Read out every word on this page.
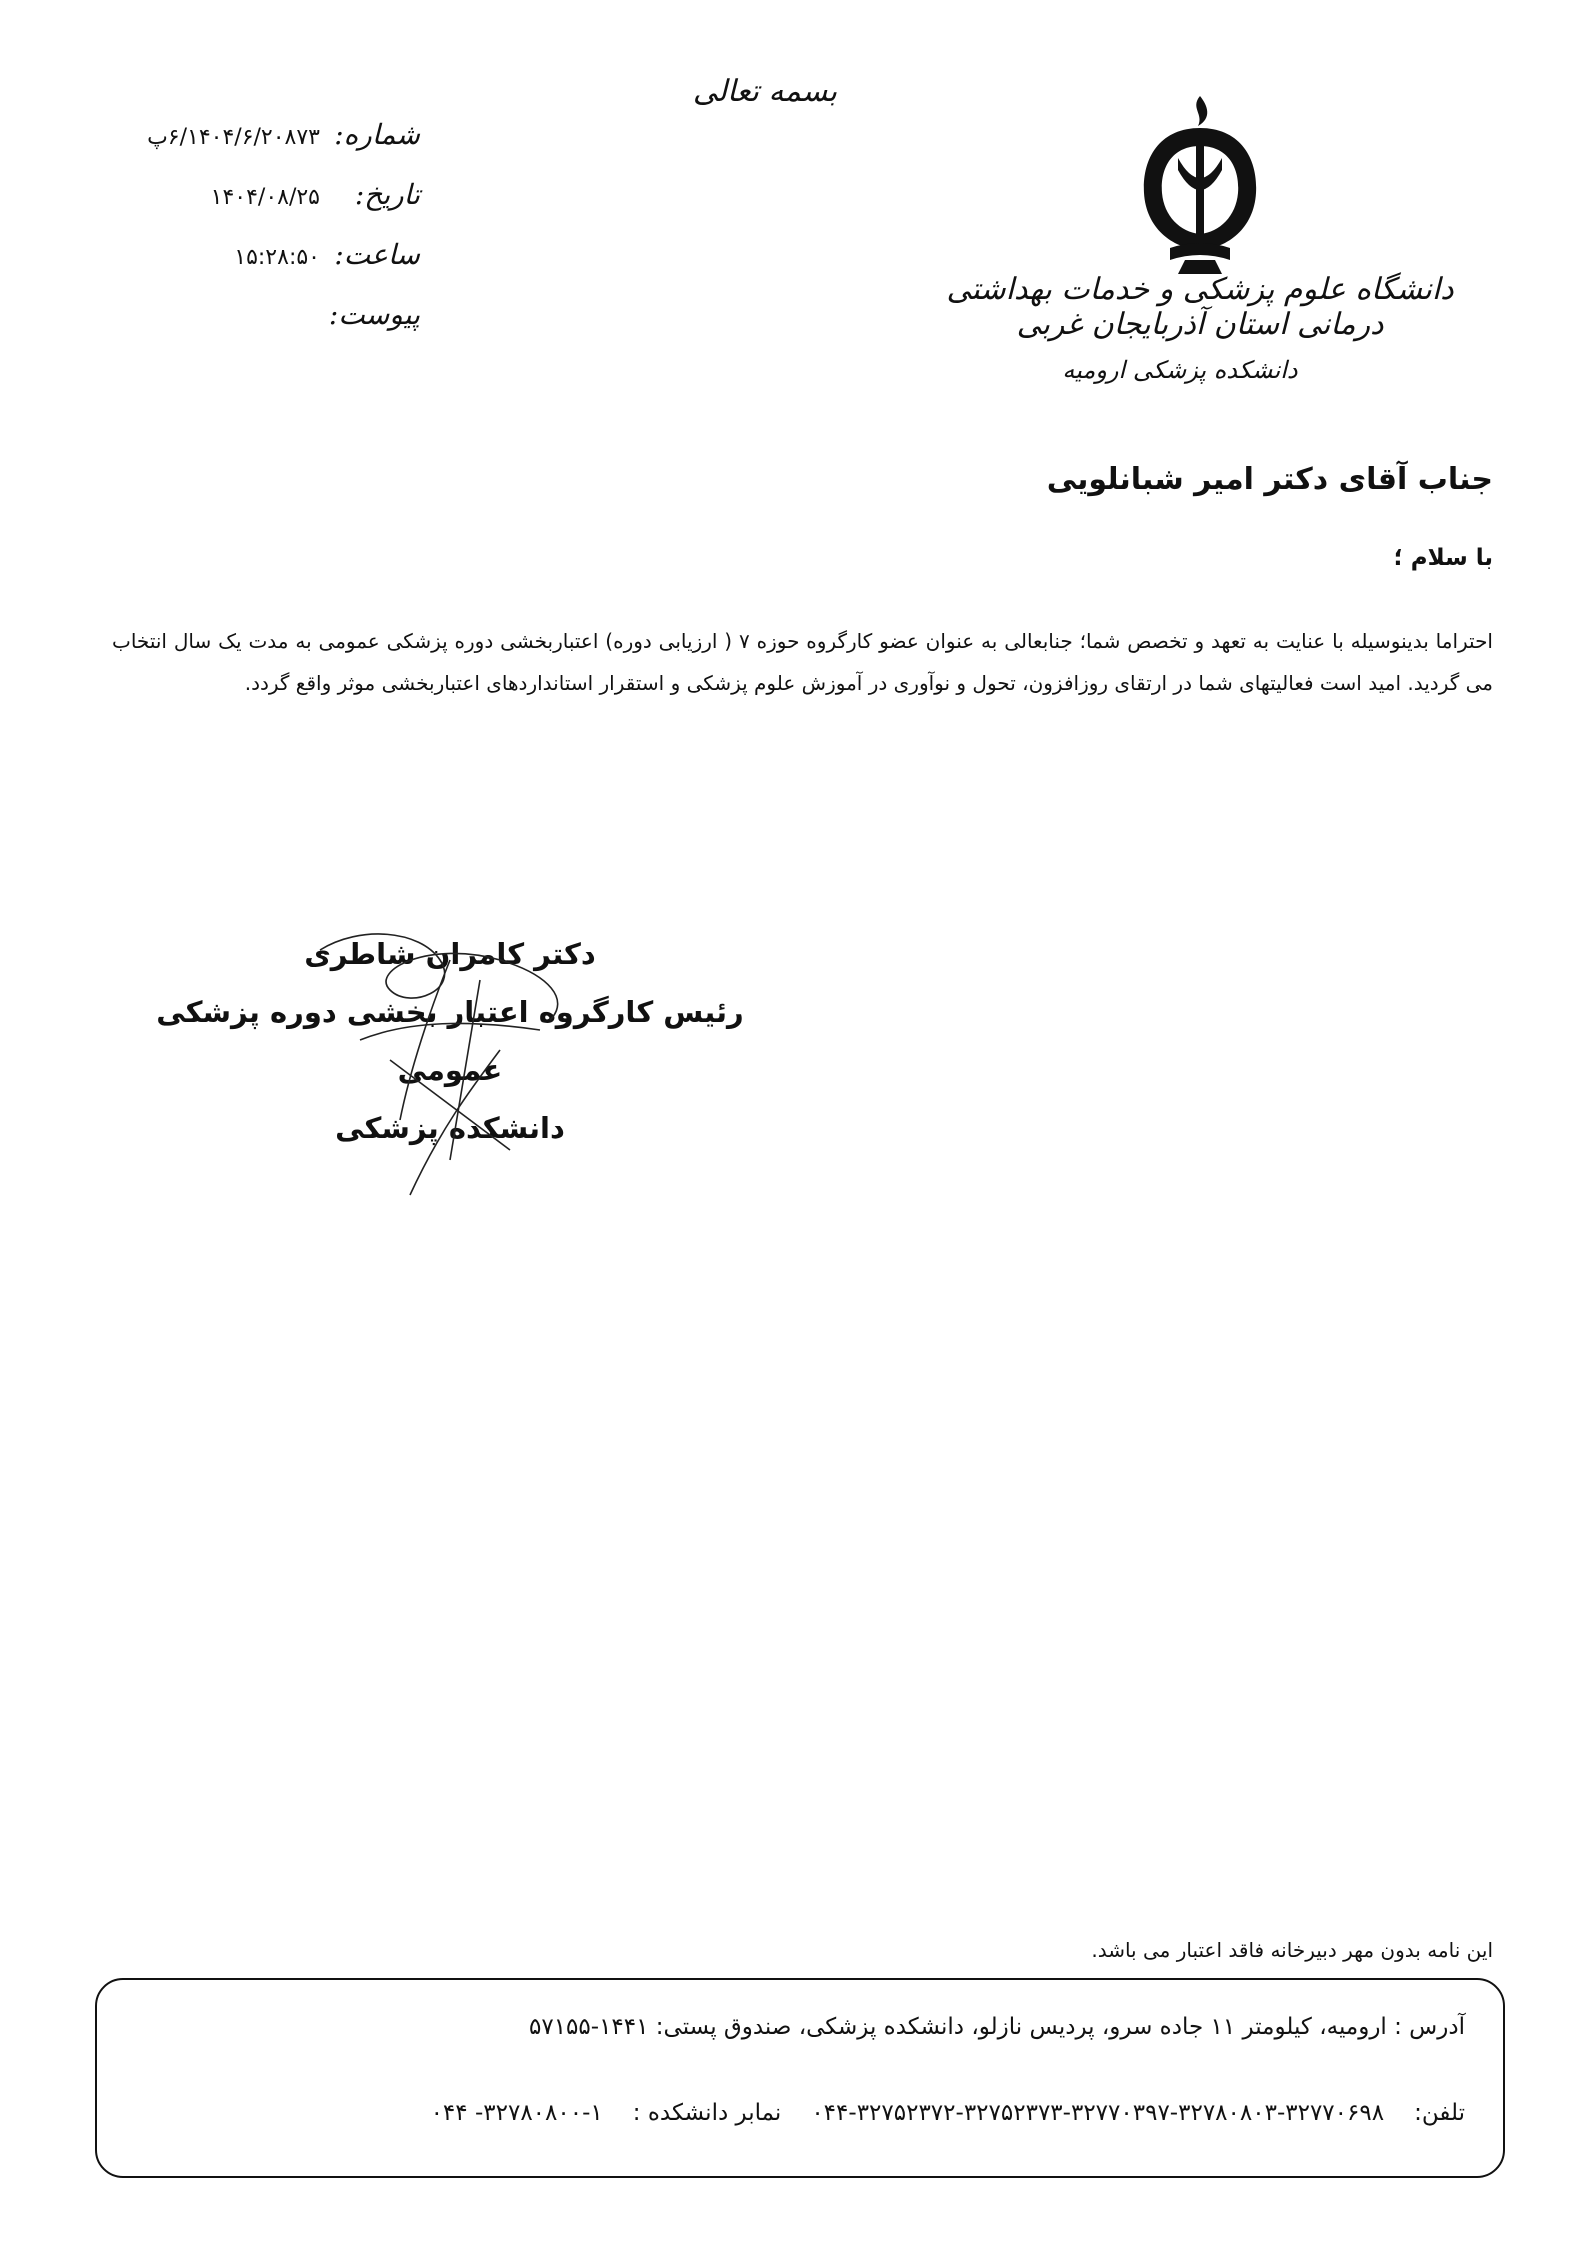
بسمه تعالی
دانشگاه علوم پزشکی و خدمات بهداشتی درمانی استان آذربایجان غربی
دانشکده پزشکی ارومیه
شماره:
۶/۱۴۰۴/۶/۲۰۸۷۳پ
تاریخ:
۱۴۰۴/۰۸/۲۵
ساعت:
۱۵:۲۸:۵۰
پیوست:
جناب آقای دکتر امیر شبانلویی
با سلام ؛
احتراما بدینوسیله با عنایت به تعهد و تخصص شما؛ جنابعالی به عنوان عضو کارگروه حوزه ۷ ( ارزیابی دوره) اعتباربخشی دوره پزشکی عمومی به مدت یک سال انتخاب می گردید. امید است فعالیتهای شما در ارتقای روزافزون، تحول و نوآوری در آموزش علوم پزشکی و استقرار استانداردهای اعتباربخشی موثر واقع گردد.
دکتر کامران شاطری
رئیس کارگروه اعتبار بخشی دوره پزشکی عمومی
دانشکده پزشکی
این نامه بدون مهر دبیرخانه فاقد اعتبار می باشد.
آدرس : ارومیه، کیلومتر ۱۱ جاده سرو، پردیس نازلو، دانشکده پزشکی، صندوق پستی: ۱۴۴۱-۵۷۱۵۵
تلفن:۳۲۷۷۰۶۹۸-۳۲۷۸۰۸۰۳-۳۲۷۷۰۳۹۷-۳۲۷۵۲۳۷۳-۳۲۷۵۲۳۷۲-۰۴۴نمابر دانشکده :۱-۳۲۷۸۰۸۰۰- ۰۴۴
